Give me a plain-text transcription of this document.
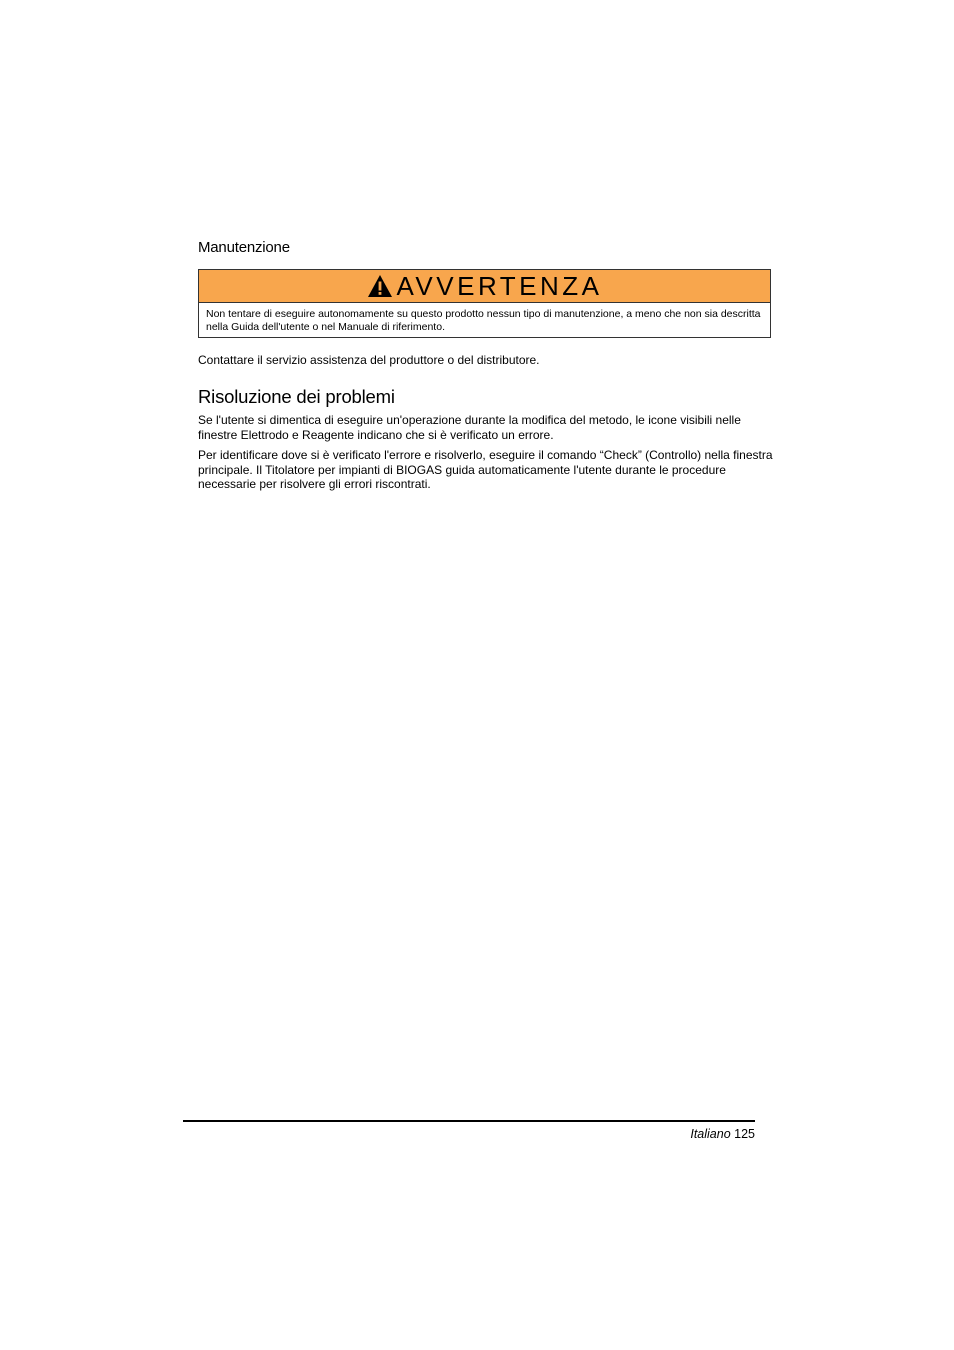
Manutenzione
AVVERTENZA
Non tentare di eseguire autonomamente su questo prodotto nessun tipo di manutenzione, a meno che non sia descritta nella Guida dell'utente o nel Manuale di riferimento.

Contattare il servizio assistenza del produttore o del distributore.

Risoluzione dei problemi

Se l'utente si dimentica di eseguire un'operazione durante la modifica del metodo, le icone visibili nelle finestre Elettrodo e Reagente indicano che si è verificato un errore.

Per identificare dove si è verificato l'errore e risolverlo, eseguire il comando “Check” (Controllo) nella finestra principale. Il Titolatore per impianti di BIOGAS guida automaticamente l'utente durante le procedure necessarie per risolvere gli errori riscontrati.

Italiano 125
